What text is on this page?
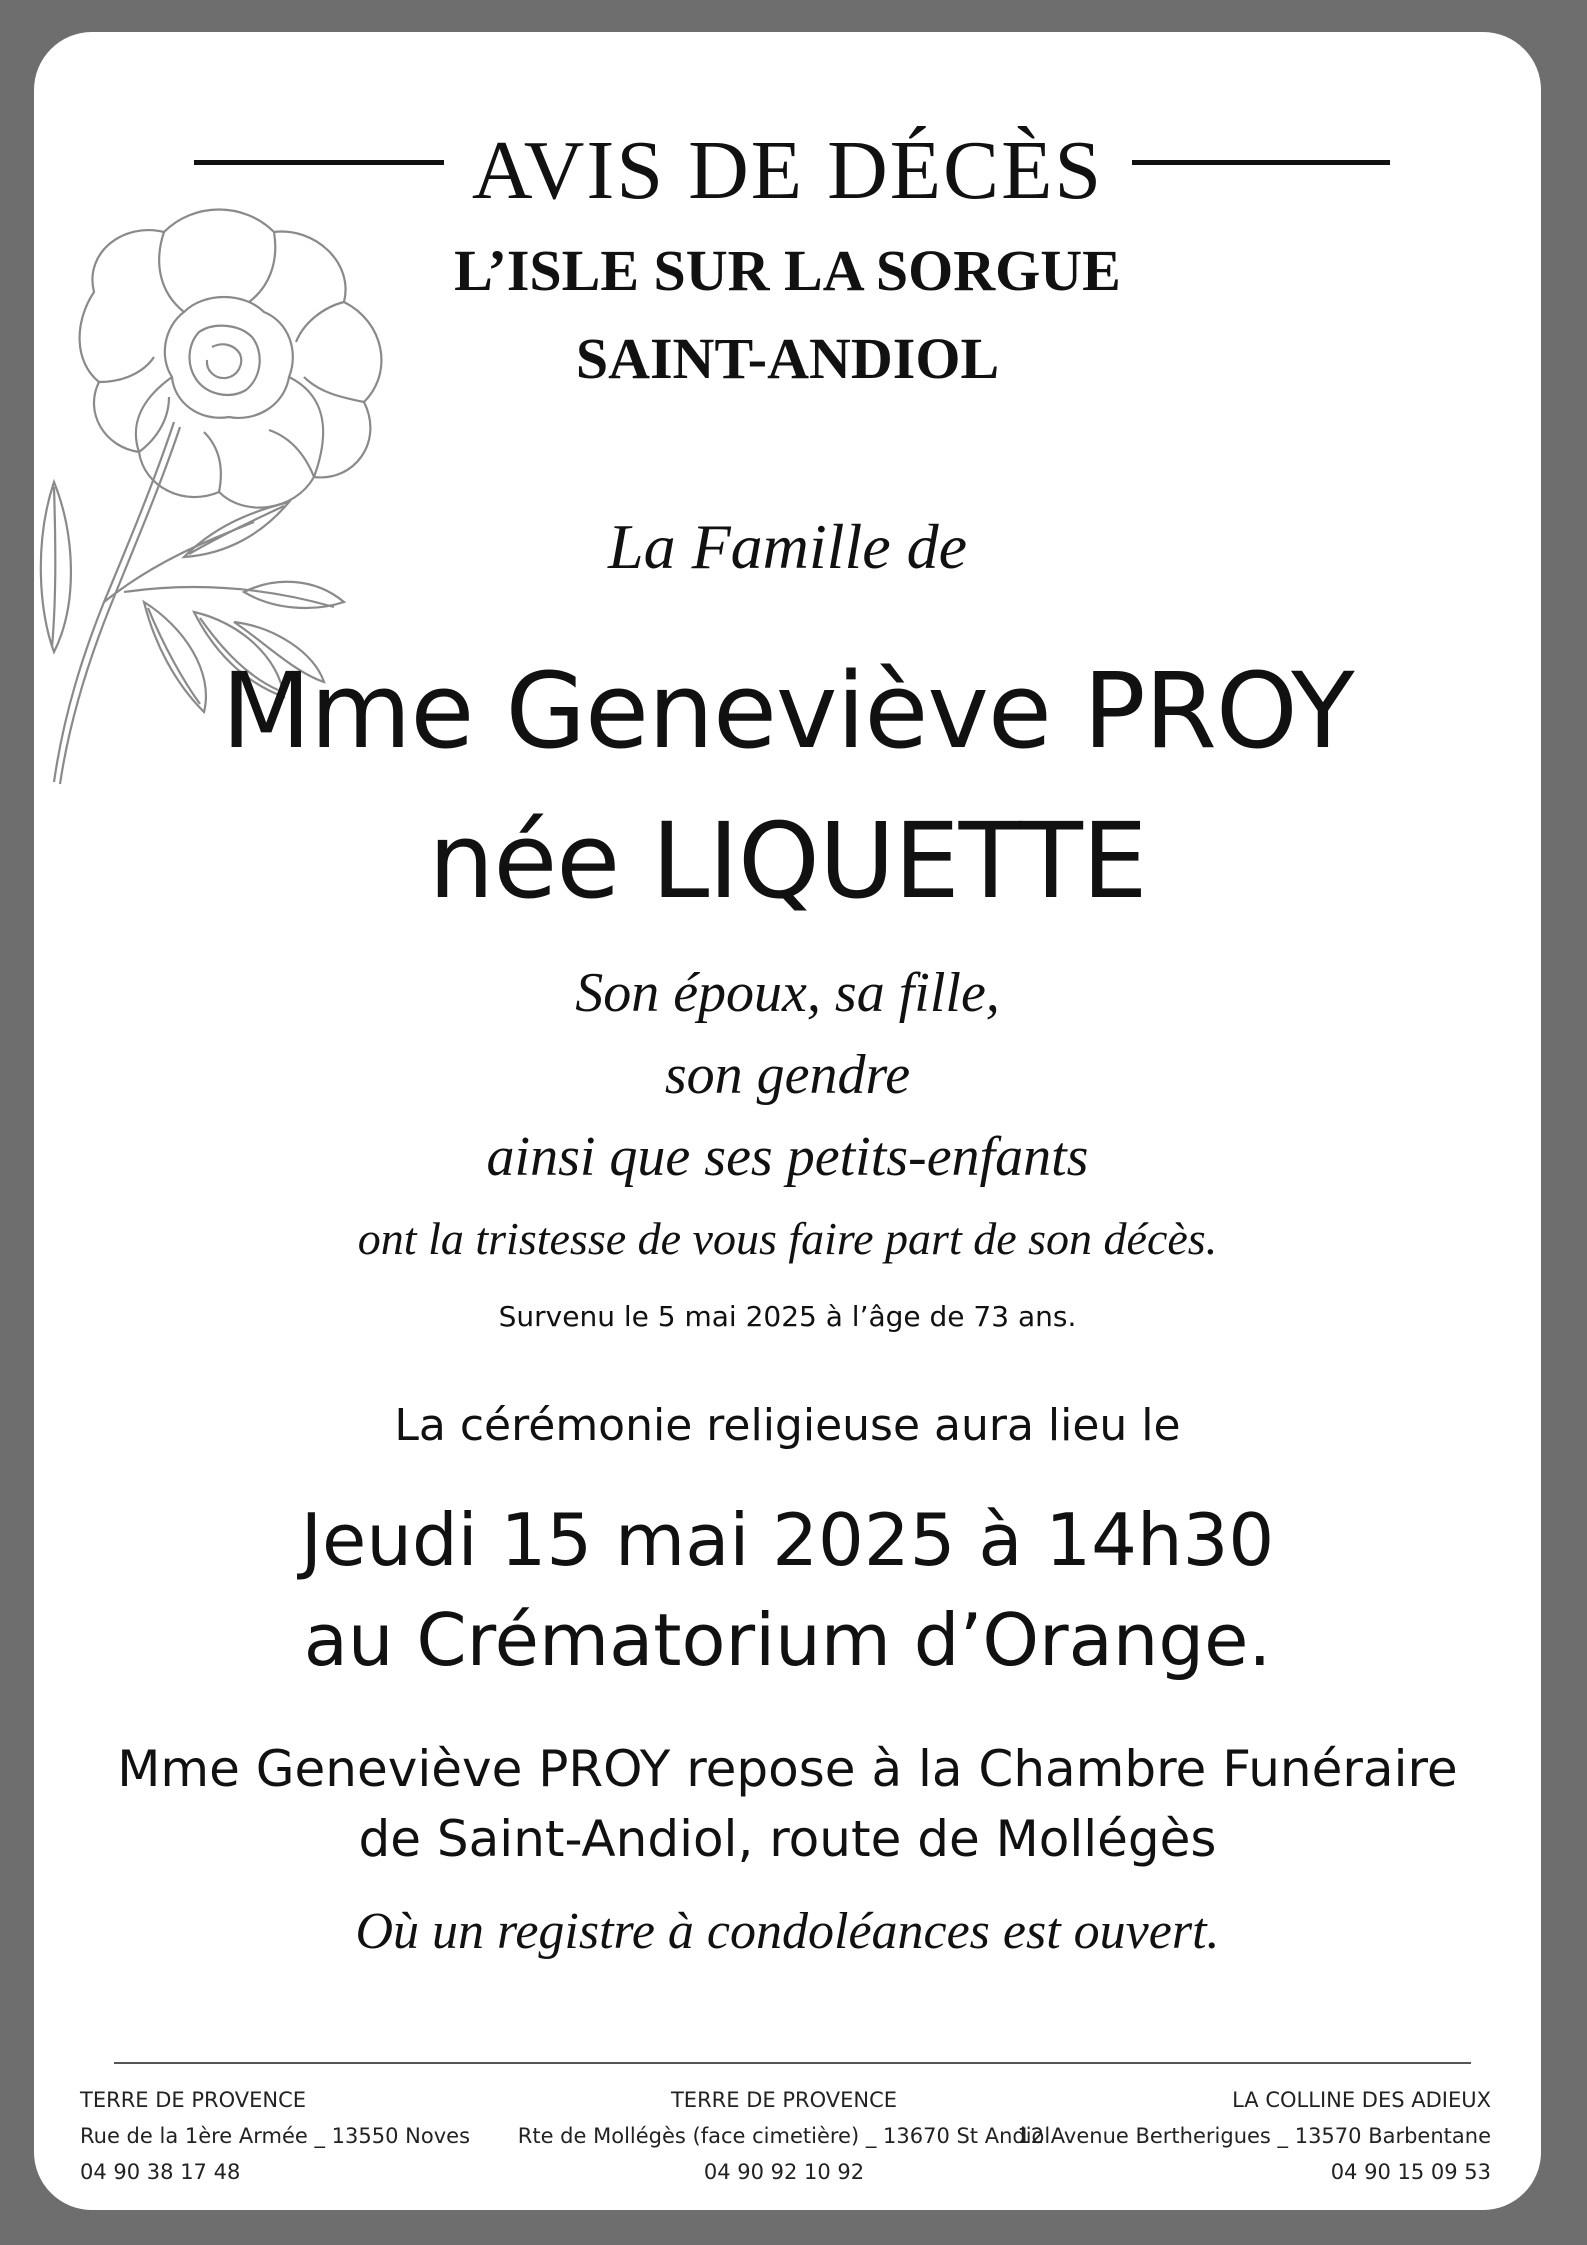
AVIS DE DÉCÈS
L’ISLE SUR LA SORGUE
SAINT-ANDIOL
La Famille de
Mme Geneviève PROY
née LIQUETTE
Son époux, sa fille,
son gendre
ainsi que ses petits-enfants
ont la tristesse de vous faire part de son décès.
Survenu le 5 mai 2025 à l’âge de 73 ans.
La cérémonie religieuse aura lieu le
Jeudi 15 mai 2025 à 14h30
au Crématorium d’Orange.
Mme Geneviève PROY repose à la Chambre Funéraire
de Saint-Andiol, route de Mollégès
Où un registre à condoléances est ouvert.
TERRE DE PROVENCE
Rue de la 1ère Armée _ 13550 Noves
04 90 38 17 48
TERRE DE PROVENCE
Rte de Mollégès (face cimetière) _ 13670 St Andiol
04 90 92 10 92
LA COLLINE DES ADIEUX
12 Avenue Bertherigues _ 13570 Barbentane
04 90 15 09 53
